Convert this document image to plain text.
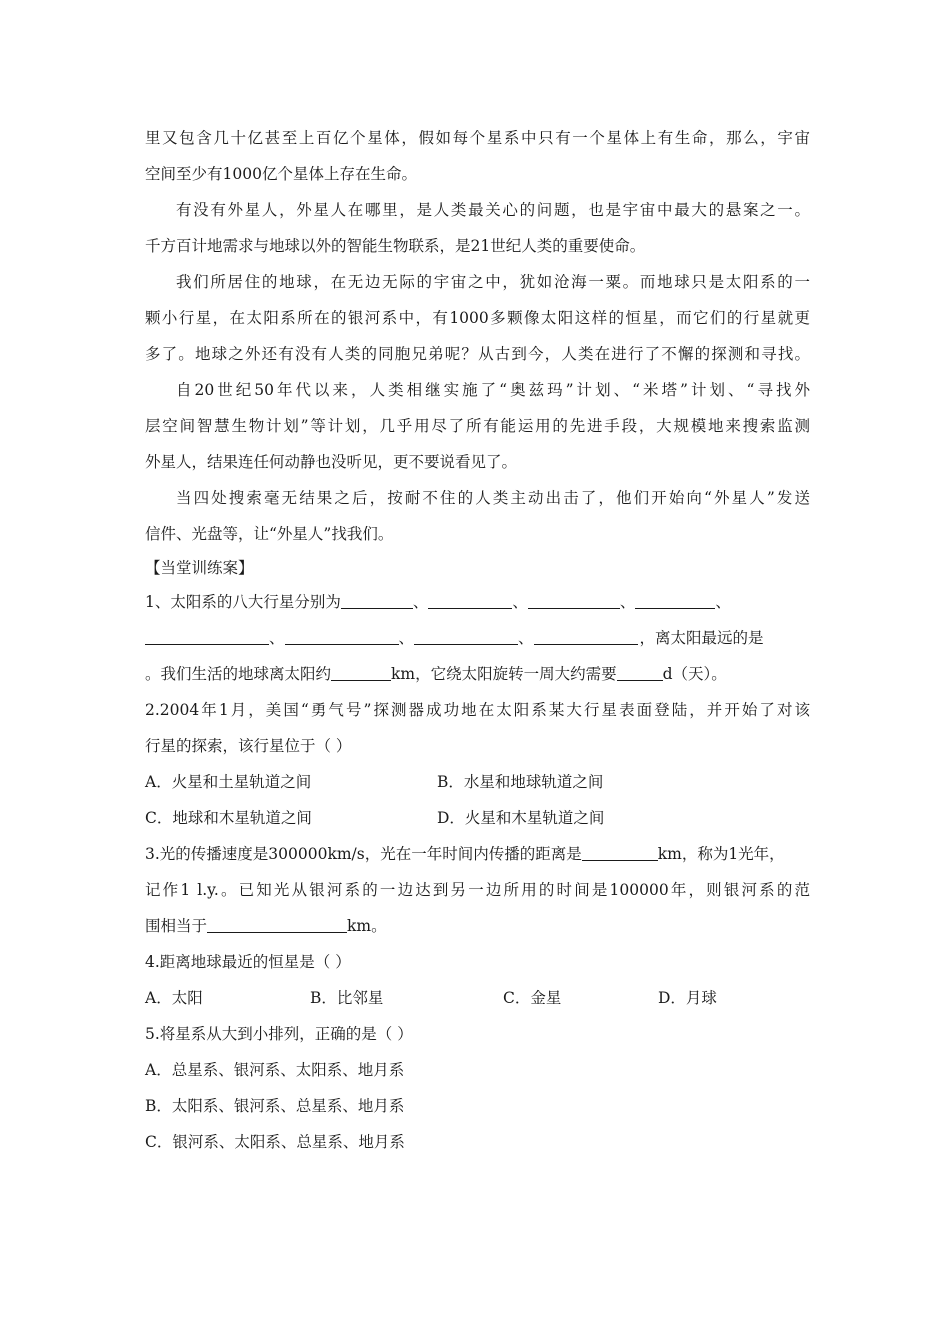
里又包含几十亿甚至上百亿个星体，假如每个星系中只有一个星体上有生命，那么，宇宙
空间至少有1000亿个星体上存在生命。
有没有外星人，外星人在哪里，是人类最关心的问题，也是宇宙中最大的悬案之一。
千方百计地需求与地球以外的智能生物联系，是21世纪人类的重要使命。
我们所居住的地球，在无边无际的宇宙之中，犹如沧海一粟。而地球只是太阳系的一
颗小行星，在太阳系所在的银河系中，有1000多颗像太阳这样的恒星，而它们的行星就更
多了。地球之外还有没有人类的同胞兄弟呢？从古到今，人类在进行了不懈的探测和寻找。
自20世纪50年代以来，人类相继实施了“奥兹玛”计划、“米塔”计划、“寻找外
层空间智慧生物计划”等计划，几乎用尽了所有能运用的先进手段，大规模地来搜索监测
外星人，结果连任何动静也没听见，更不要说看见了。
当四处搜索毫无结果之后，按耐不住的人类主动出击了，他们开始向“外星人”发送
信件、光盘等，让“外星人”找我们。
【当堂训练案】
1、太阳系的八大行星分别为	、	、	、	、
、	、	、	，离太阳最远的是
。我们生活的地球离太阳约	km，它绕太阳旋转一周大约需要	d（天）。
2.2004年1月，美国“勇气号”探测器成功地在太阳系某大行星表面登陆，并开始了对该
行星的探索，该行星位于（ ）
A．火星和土星轨道之间	B．水星和地球轨道之间
C．地球和木星轨道之间	D．火星和木星轨道之间
3.光的传播速度是300000km/s，光在一年时间内传播的距离是	km，称为1光年，
记作1 l.y.。已知光从银河系的一边达到另一边所用的时间是100000年，则银河系的范
围相当于	km。
4.距离地球最近的恒星是（ ）
A．太阳	B．比邻星	C．金星	D．月球
5.将星系从大到小排列，正确的是（ ）
A．总星系、银河系、太阳系、地月系
B．太阳系、银河系、总星系、地月系
C．银河系、太阳系、总星系、地月系
